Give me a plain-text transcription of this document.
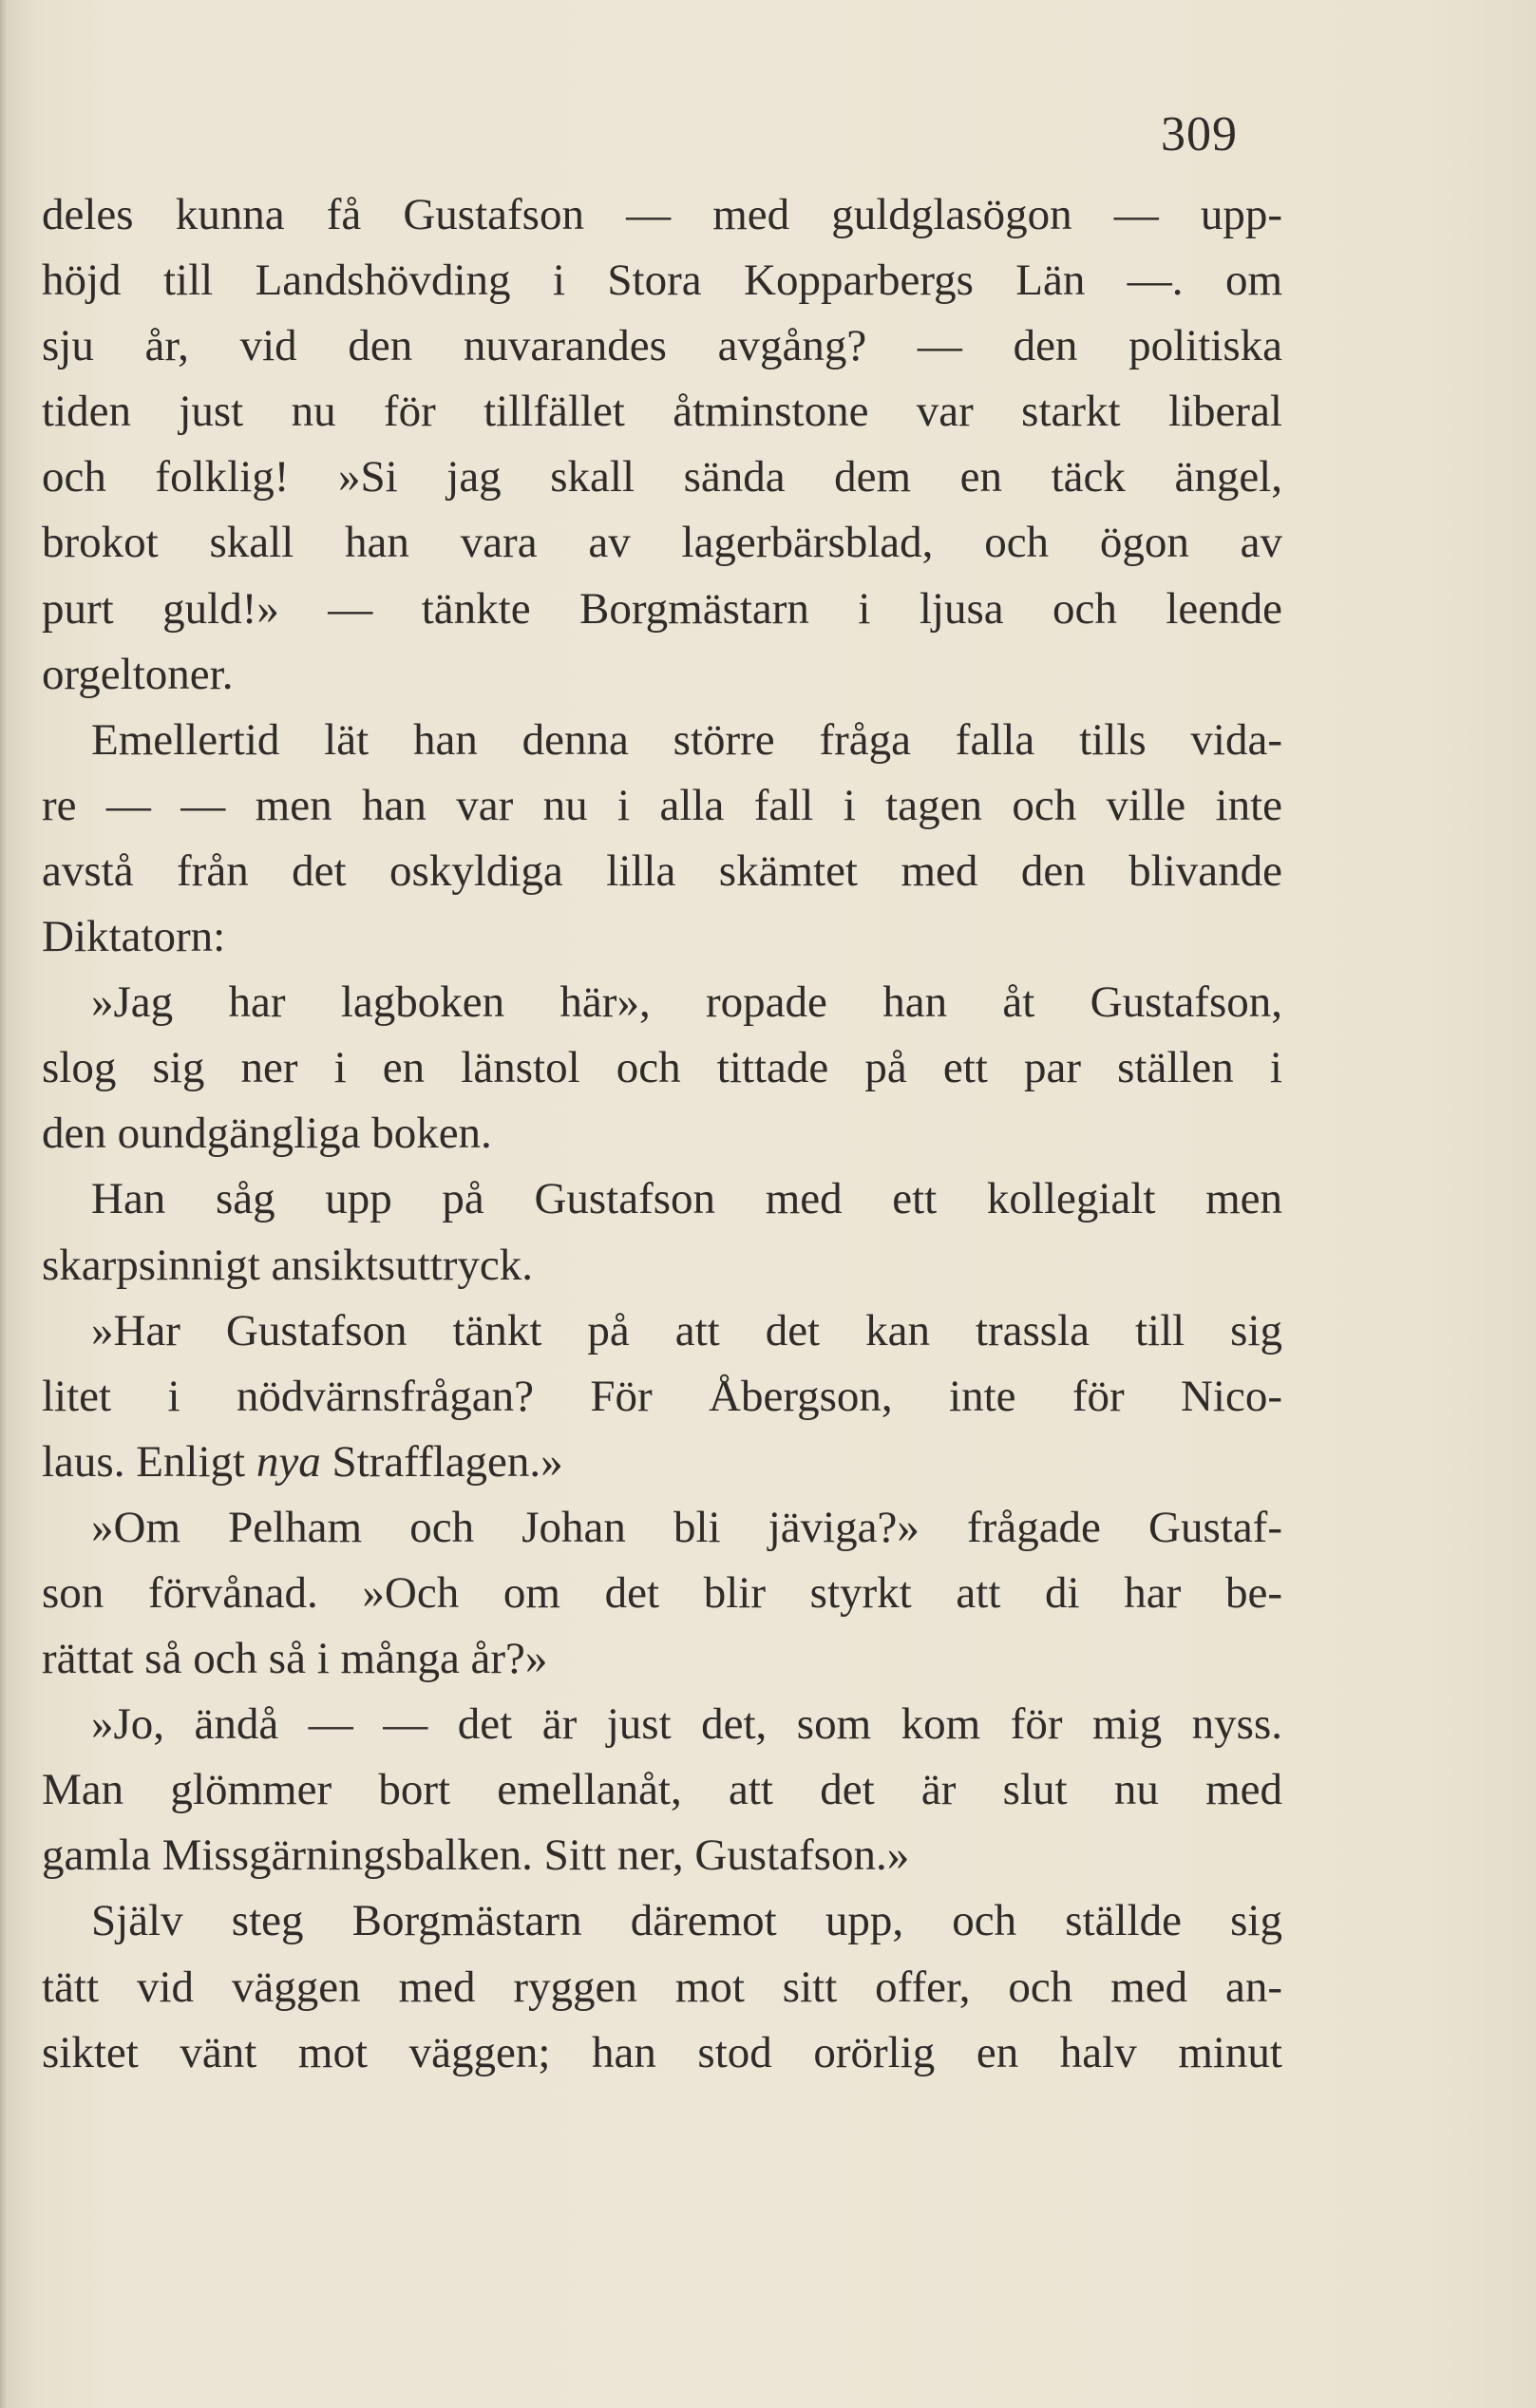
309
deles kunna få Gustafson — med guldglasögon — upp-
höjd till Landshövding i Stora Kopparbergs Län —. om
sju år, vid den nuvarandes avgång? — den politiska
tiden just nu för tillfället åtminstone var starkt liberal
och folklig! »Si jag skall sända dem en täck ängel,
brokot skall han vara av lagerbärsblad, och ögon av
purt guld!» — tänkte Borgmästarn i ljusa och leende
orgeltoner.
Emellertid lät han denna större fråga falla tills vida-
re — — men han var nu i alla fall i tagen och ville inte
avstå från det oskyldiga lilla skämtet med den blivande
Diktatorn:
»Jag har lagboken här», ropade han åt Gustafson,
slog sig ner i en länstol och tittade på ett par ställen i
den oundgängliga boken.
Han såg upp på Gustafson med ett kollegialt men
skarpsinnigt ansiktsuttryck.
»Har Gustafson tänkt på att det kan trassla till sig
litet i nödvärnsfrågan? För Åbergson, inte för Nico-
laus. Enligt nya Strafflagen.»
»Om Pelham och Johan bli jäviga?» frågade Gustaf-
son förvånad. »Och om det blir styrkt att di har be-
rättat så och så i många år?»
»Jo, ändå — — det är just det, som kom för mig nyss.
Man glömmer bort emellanåt, att det är slut nu med
gamla Missgärningsbalken. Sitt ner, Gustafson.»
Själv steg Borgmästarn däremot upp, och ställde sig
tätt vid väggen med ryggen mot sitt offer, och med an-
siktet vänt mot väggen; han stod orörlig en halv minut
